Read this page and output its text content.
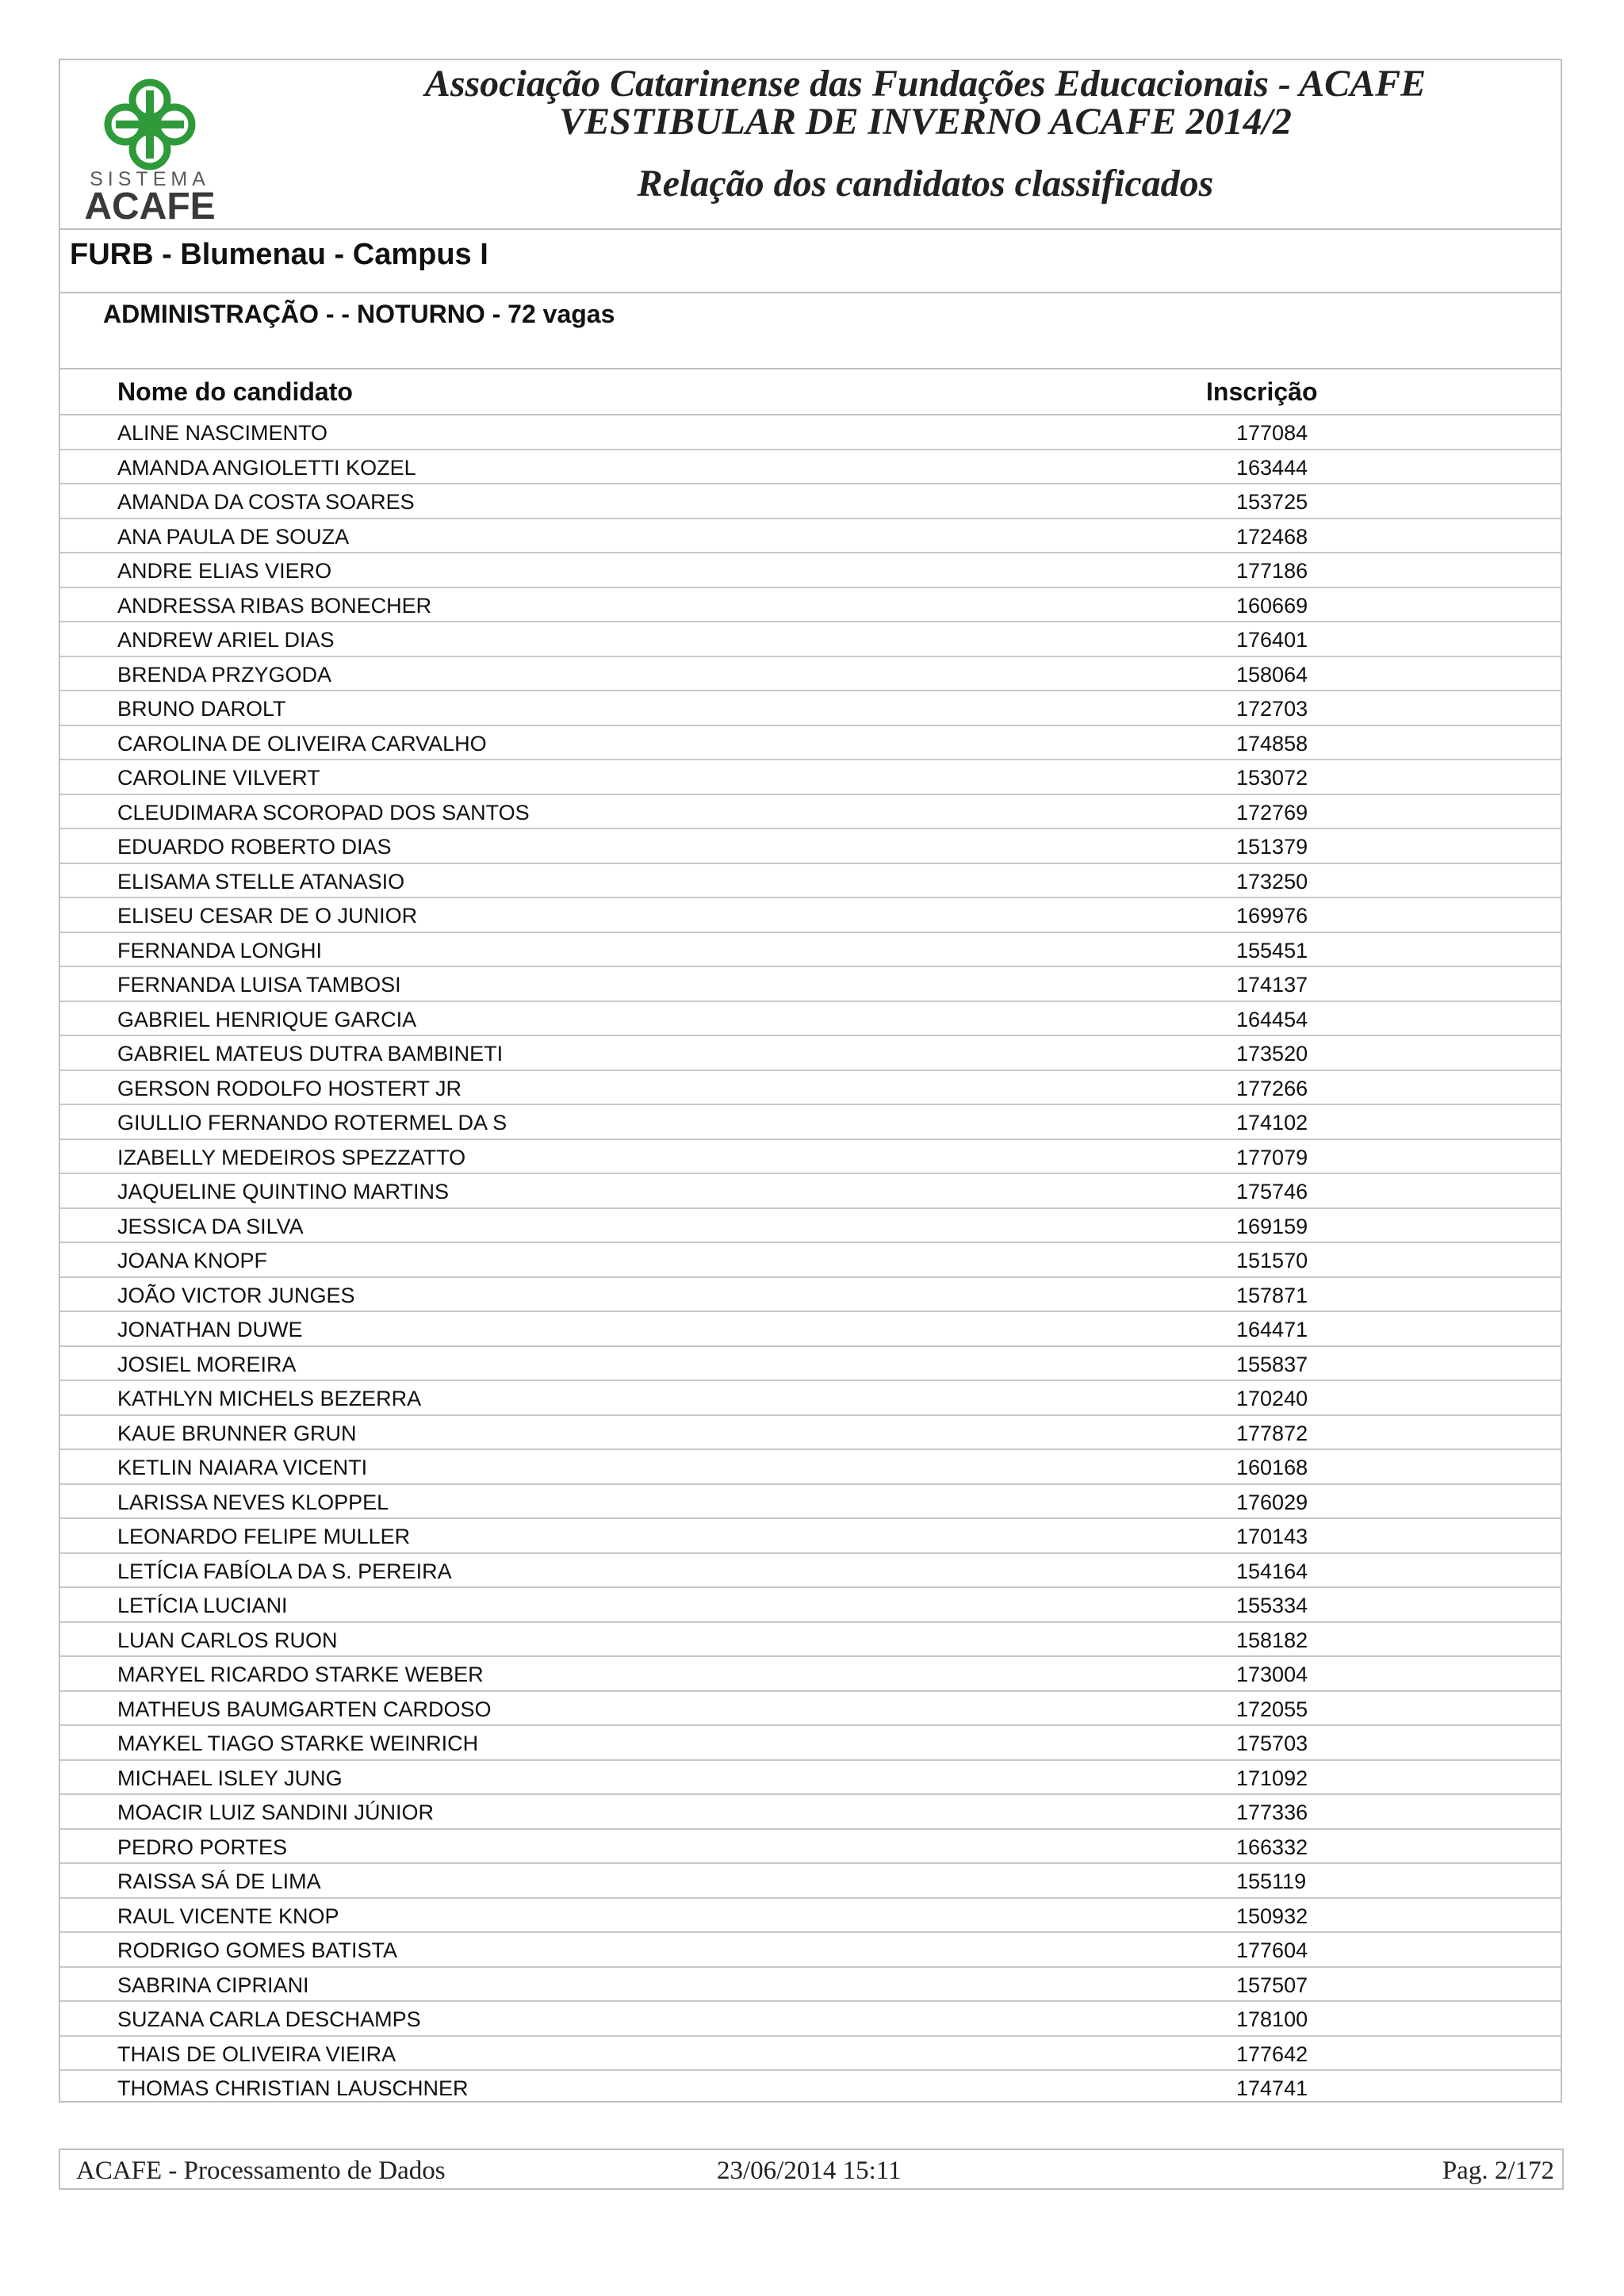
SISTEMA
ACAFE
Associação Catarinense das Fundações Educacionais - ACAFE
VESTIBULAR DE INVERNO ACAFE 2014/2
Relação dos candidatos classificados
FURB - Blumenau - Campus I
ADMINISTRAÇÃO - - NOTURNO - 72 vagas
Nome do candidato	Inscrição
ALINE NASCIMENTO	177084
AMANDA ANGIOLETTI KOZEL	163444
AMANDA DA COSTA SOARES	153725
ANA PAULA DE SOUZA	172468
ANDRE ELIAS VIERO	177186
ANDRESSA RIBAS BONECHER	160669
ANDREW ARIEL DIAS	176401
BRENDA PRZYGODA	158064
BRUNO DAROLT	172703
CAROLINA DE OLIVEIRA CARVALHO	174858
CAROLINE VILVERT	153072
CLEUDIMARA SCOROPAD DOS SANTOS	172769
EDUARDO ROBERTO DIAS	151379
ELISAMA STELLE ATANASIO	173250
ELISEU CESAR DE O JUNIOR	169976
FERNANDA LONGHI	155451
FERNANDA LUISA TAMBOSI	174137
GABRIEL HENRIQUE GARCIA	164454
GABRIEL MATEUS DUTRA BAMBINETI	173520
GERSON RODOLFO HOSTERT JR	177266
GIULLIO FERNANDO ROTERMEL DA S	174102
IZABELLY MEDEIROS SPEZZATTO	177079
JAQUELINE QUINTINO MARTINS	175746
JESSICA DA SILVA	169159
JOANA KNOPF	151570
JOÃO VICTOR JUNGES	157871
JONATHAN DUWE	164471
JOSIEL MOREIRA	155837
KATHLYN MICHELS BEZERRA	170240
KAUE BRUNNER GRUN	177872
KETLIN NAIARA VICENTI	160168
LARISSA NEVES KLOPPEL	176029
LEONARDO FELIPE MULLER	170143
LETÍCIA FABÍOLA DA S. PEREIRA	154164
LETÍCIA LUCIANI	155334
LUAN CARLOS RUON	158182
MARYEL RICARDO STARKE WEBER	173004
MATHEUS BAUMGARTEN CARDOSO	172055
MAYKEL TIAGO STARKE WEINRICH	175703
MICHAEL ISLEY JUNG	171092
MOACIR LUIZ SANDINI JÚNIOR	177336
PEDRO PORTES	166332
RAISSA SÁ DE LIMA	155119
RAUL VICENTE KNOP	150932
RODRIGO GOMES BATISTA	177604
SABRINA CIPRIANI	157507
SUZANA CARLA DESCHAMPS	178100
THAIS DE OLIVEIRA VIEIRA	177642
THOMAS CHRISTIAN LAUSCHNER	174741
ACAFE - Processamento de Dados	23/06/2014 15:11	Pag. 2/172
